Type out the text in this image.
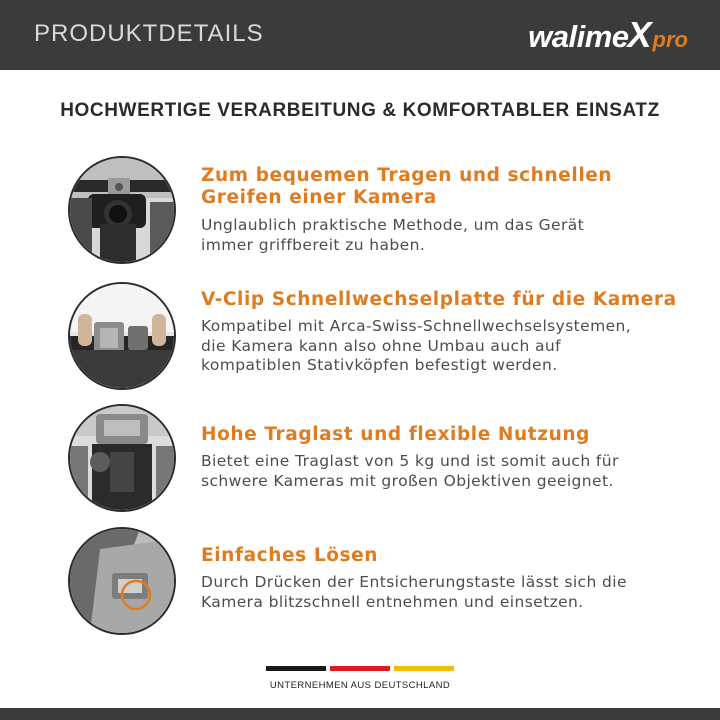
PRODUKTDETAILS	walime X pro
HOCHWERTIGE VERARBEITUNG & KOMFORTABLER EINSATZ
Zum bequemen Tragen und schnellen
Greifen einer Kamera
Unglaublich praktische Methode, um das Gerät
immer griffbereit zu haben.
V-Clip Schnellwechselplatte für die Kamera
Kompatibel mit Arca-Swiss-Schnellwechselsystemen,
die Kamera kann also ohne Umbau auch auf
kompatiblen Stativköpfen befestigt werden.
Hohe Traglast und flexible Nutzung
Bietet eine Traglast von 5 kg und ist somit auch für
schwere Kameras mit großen Objektiven geeignet.
Einfaches Lösen
Durch Drücken der Entsicherungstaste lässt sich die
Kamera blitzschnell entnehmen und einsetzen.
UNTERNEHMEN AUS DEUTSCHLAND
